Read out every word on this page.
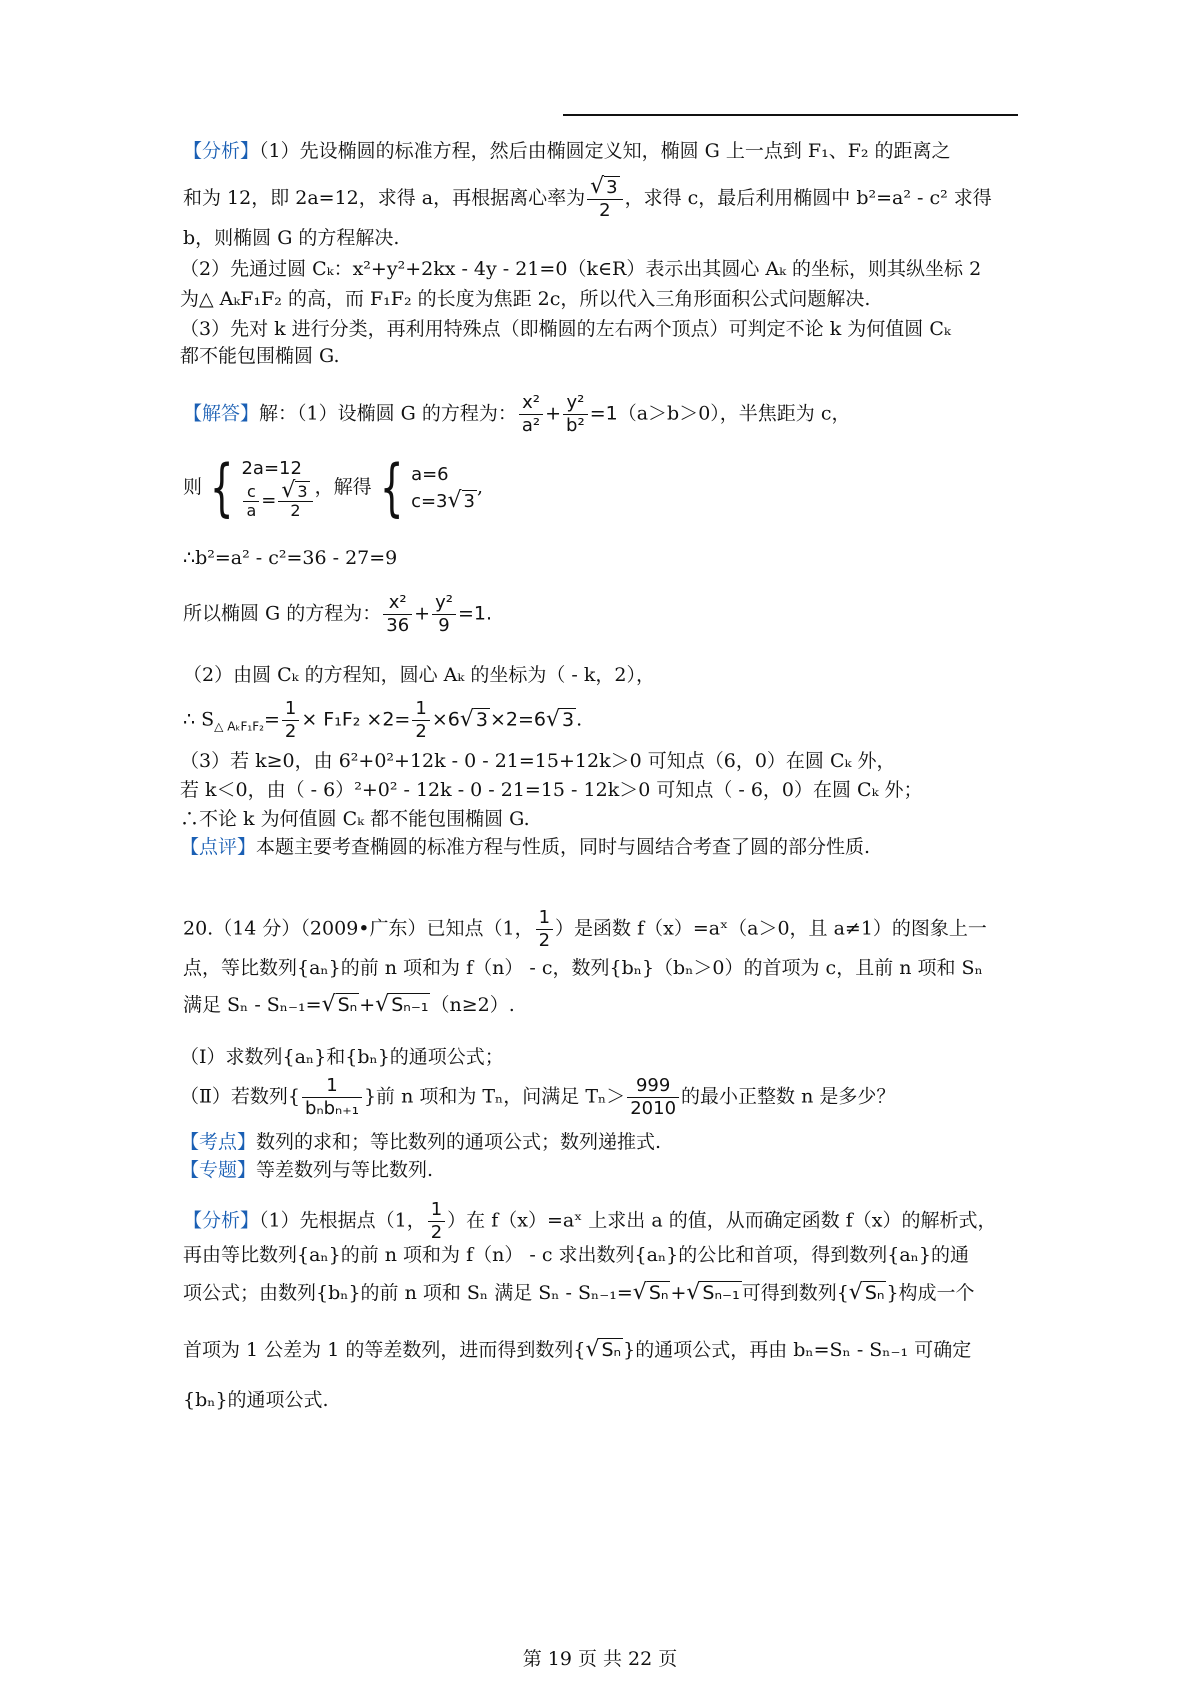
【分析】（1）先设椭圆的标准方程，然后由椭圆定义知，椭圆 G 上一点到 F₁、F₂ 的距离之
和为 12，即 2a=12，求得 a，再根据离心率为 $\frac{√ 3}{2}$ ，求得 c，最后利用椭圆中 b²=a² - c² 求得
b，则椭圆 G 的方程解决.
（2）先通过圆 Cₖ：x²+y²+2kx - 4y - 21=0（k∈R）表示出其圆心 Aₖ 的坐标，则其纵坐标 2
为△ AₖF₁F₂ 的高，而 F₁F₂ 的长度为焦距 2c，所以代入三角形面积公式问题解决.
（3）先对 k 进行分类，再利用特殊点（即椭圆的左右两个顶点）可判定不论 k 为何值圆 Cₖ
都不能包围椭圆 G.
【解答】解：（1）设椭圆 G 的方程为： $\frac{\text{x²}}{\text{a²}} + \frac{\text{y²}}{\text{b²}} =1(a>b>0)$，半焦距为 c，
则 { 2a=12
$\frac{c}{a} = \frac{√ 3}{2}$ ，解得 { a=6
c=3√ 3
,
∴b²=a² - c²=36 - 27=9
所以椭圆 G 的方程为： $\frac{\text{x²}}{36} + \frac{\text{y²}}{9} =1$.
（2）由圆 Cₖ 的方程知，圆心 Aₖ 的坐标为（ - k，2），
∴ $S_{\triangle A_kF_1F_2}= \frac{1}{2} \times F_1F_2 \times 2= \frac{1}{2} \times 6√$ 3 ×2=6√ 3 .
（3）若 k≥0，由 6²+0²+12k - 0 - 21=15+12k＞0 可知点（6，0）在圆 Cₖ 外，
若 k＜0，由（ - 6）²+0² - 12k - 0 - 21=15 - 12k＞0 可知点（ - 6，0）在圆 Cₖ 外；
∴不论 k 为何值圆 Cₖ 都不能包围椭圆 G.
【点评】本题主要考查椭圆的标准方程与性质，同时与圆结合考查了圆的部分性质.
20.（14 分）（2009•广东）已知点（1， $\frac{1}{2}$ ）是函数 f（x）=aˣ（a＞0，且 a≠1）的图象上一
点，等比数列{aₙ}的前 n 项和为 f（n） - c，数列{bₙ}（bₙ＞0）的首项为 c，且前 n 项和 Sₙ
满足 Sₙ - Sₙ₋₁=√ Sₙ +√ Sₙ₋₁ （n≥2）.
（Ⅰ）求数列{aₙ}和{bₙ}的通项公式；
（Ⅱ）若数列{ $\frac{1}{\text{bₙbₙ₊₁}}$ }前 n 项和为 Tₙ，问满足 $T_n> \frac{999}{2010}$ 的最小正整数 n 是多少？
【考点】数列的求和；等比数列的通项公式；数列递推式.
【专题】等差数列与等比数列.
【分析】（1）先根据点（1， $\frac{1}{2}$ ）在 f（x）=aˣ 上求出 a 的值，从而确定函数 f（x）的解析式，
再由等比数列{aₙ}的前 n 项和为 f（n） - c 求出数列{aₙ}的公比和首项，得到数列{aₙ}的通
项公式；由数列{bₙ}的前 n 项和 Sₙ 满足 Sₙ - Sₙ₋₁=√ Sₙ +√ Sₙ₋₁ 可得到数列{√ Sₙ }构成一个
首项为 1 公差为 1 的等差数列，进而得到数列{√ Sₙ }的通项公式，再由 bₙ=Sₙ - Sₙ₋₁ 可确定
{bₙ}的通项公式.
第 19 页 共 22 页
